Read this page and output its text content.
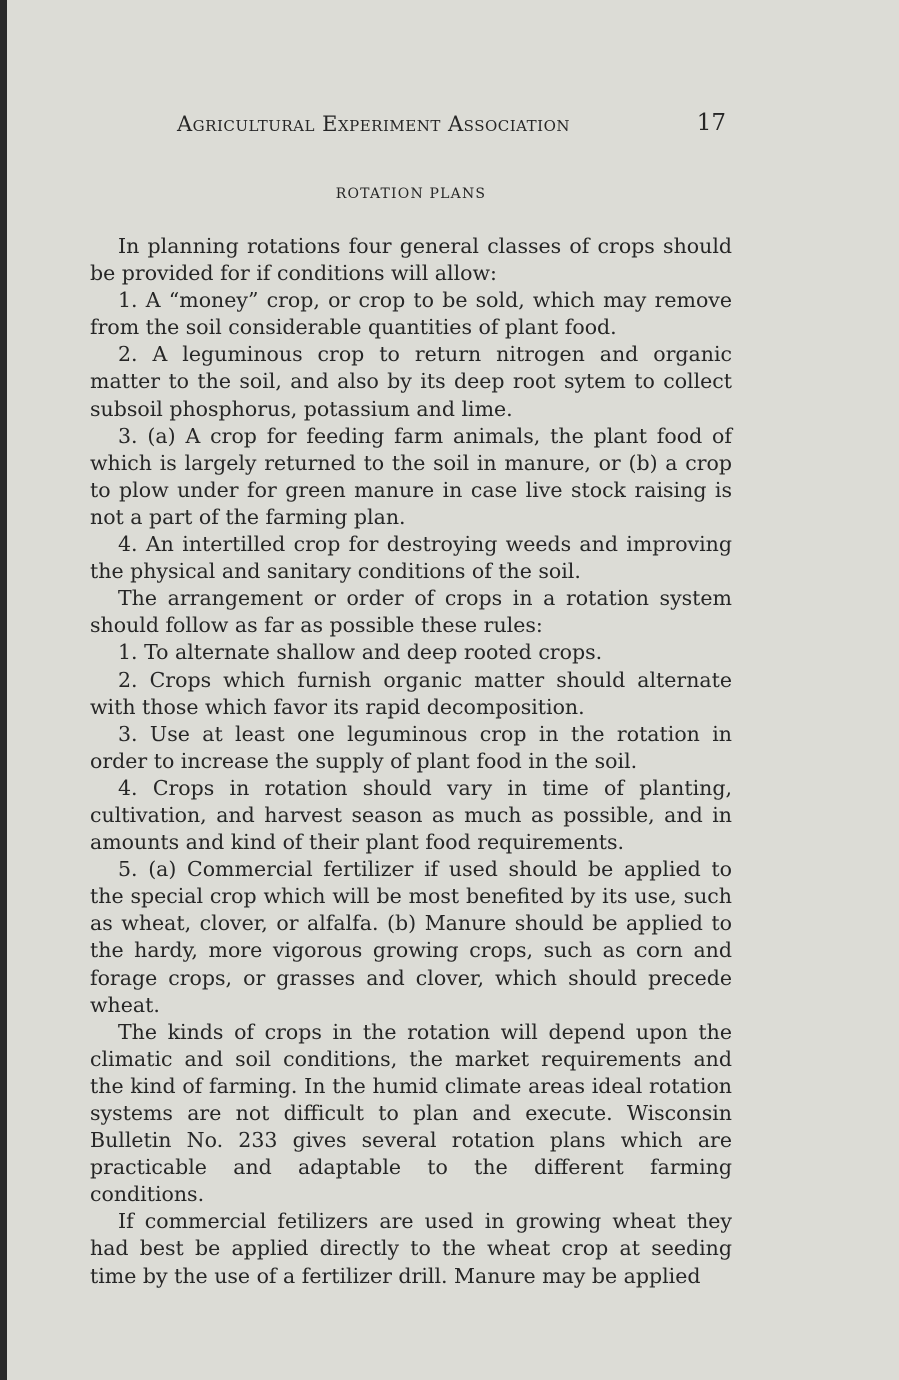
Agricultural Experiment Association	17
ROTATION PLANS

In planning rotations four general classes of crops should be provided for if conditions will allow:

1. A “money” crop, or crop to be sold, which may remove from the soil considerable quantities of plant food.

2. A leguminous crop to return nitrogen and organic matter to the soil, and also by its deep root sytem to collect subsoil phosphorus, potassium and lime.

3. (a) A crop for feeding farm animals, the plant food of which is largely returned to the soil in manure, or (b) a crop to plow under for green manure in case live stock raising is not a part of the farming plan.

4. An intertilled crop for destroying weeds and improving the physical and sanitary conditions of the soil.

The arrangement or order of crops in a rotation system should follow as far as possible these rules:

1. To alternate shallow and deep rooted crops.

2. Crops which furnish organic matter should alternate with those which favor its rapid decomposition.

3. Use at least one leguminous crop in the rotation in order to increase the supply of plant food in the soil.

4. Crops in rotation should vary in time of planting, cultivation, and harvest season as much as possible, and in amounts and kind of their plant food requirements.

5. (a) Commercial fertilizer if used should be applied to the special crop which will be most benefited by its use, such as wheat, clover, or alfalfa. (b) Manure should be applied to the hardy, more vigorous growing crops, such as corn and forage crops, or grasses and clover, which should precede wheat.

The kinds of crops in the rotation will depend upon the climatic and soil conditions, the market requirements and the kind of farming. In the humid climate areas ideal rotation systems are not difficult to plan and execute. Wisconsin Bulletin No. 233 gives several rotation plans which are practicable and adaptable to the different farming conditions.

If commercial fetilizers are used in growing wheat they had best be applied directly to the wheat crop at seeding time by the use of a fertilizer drill. Manure may be applied
